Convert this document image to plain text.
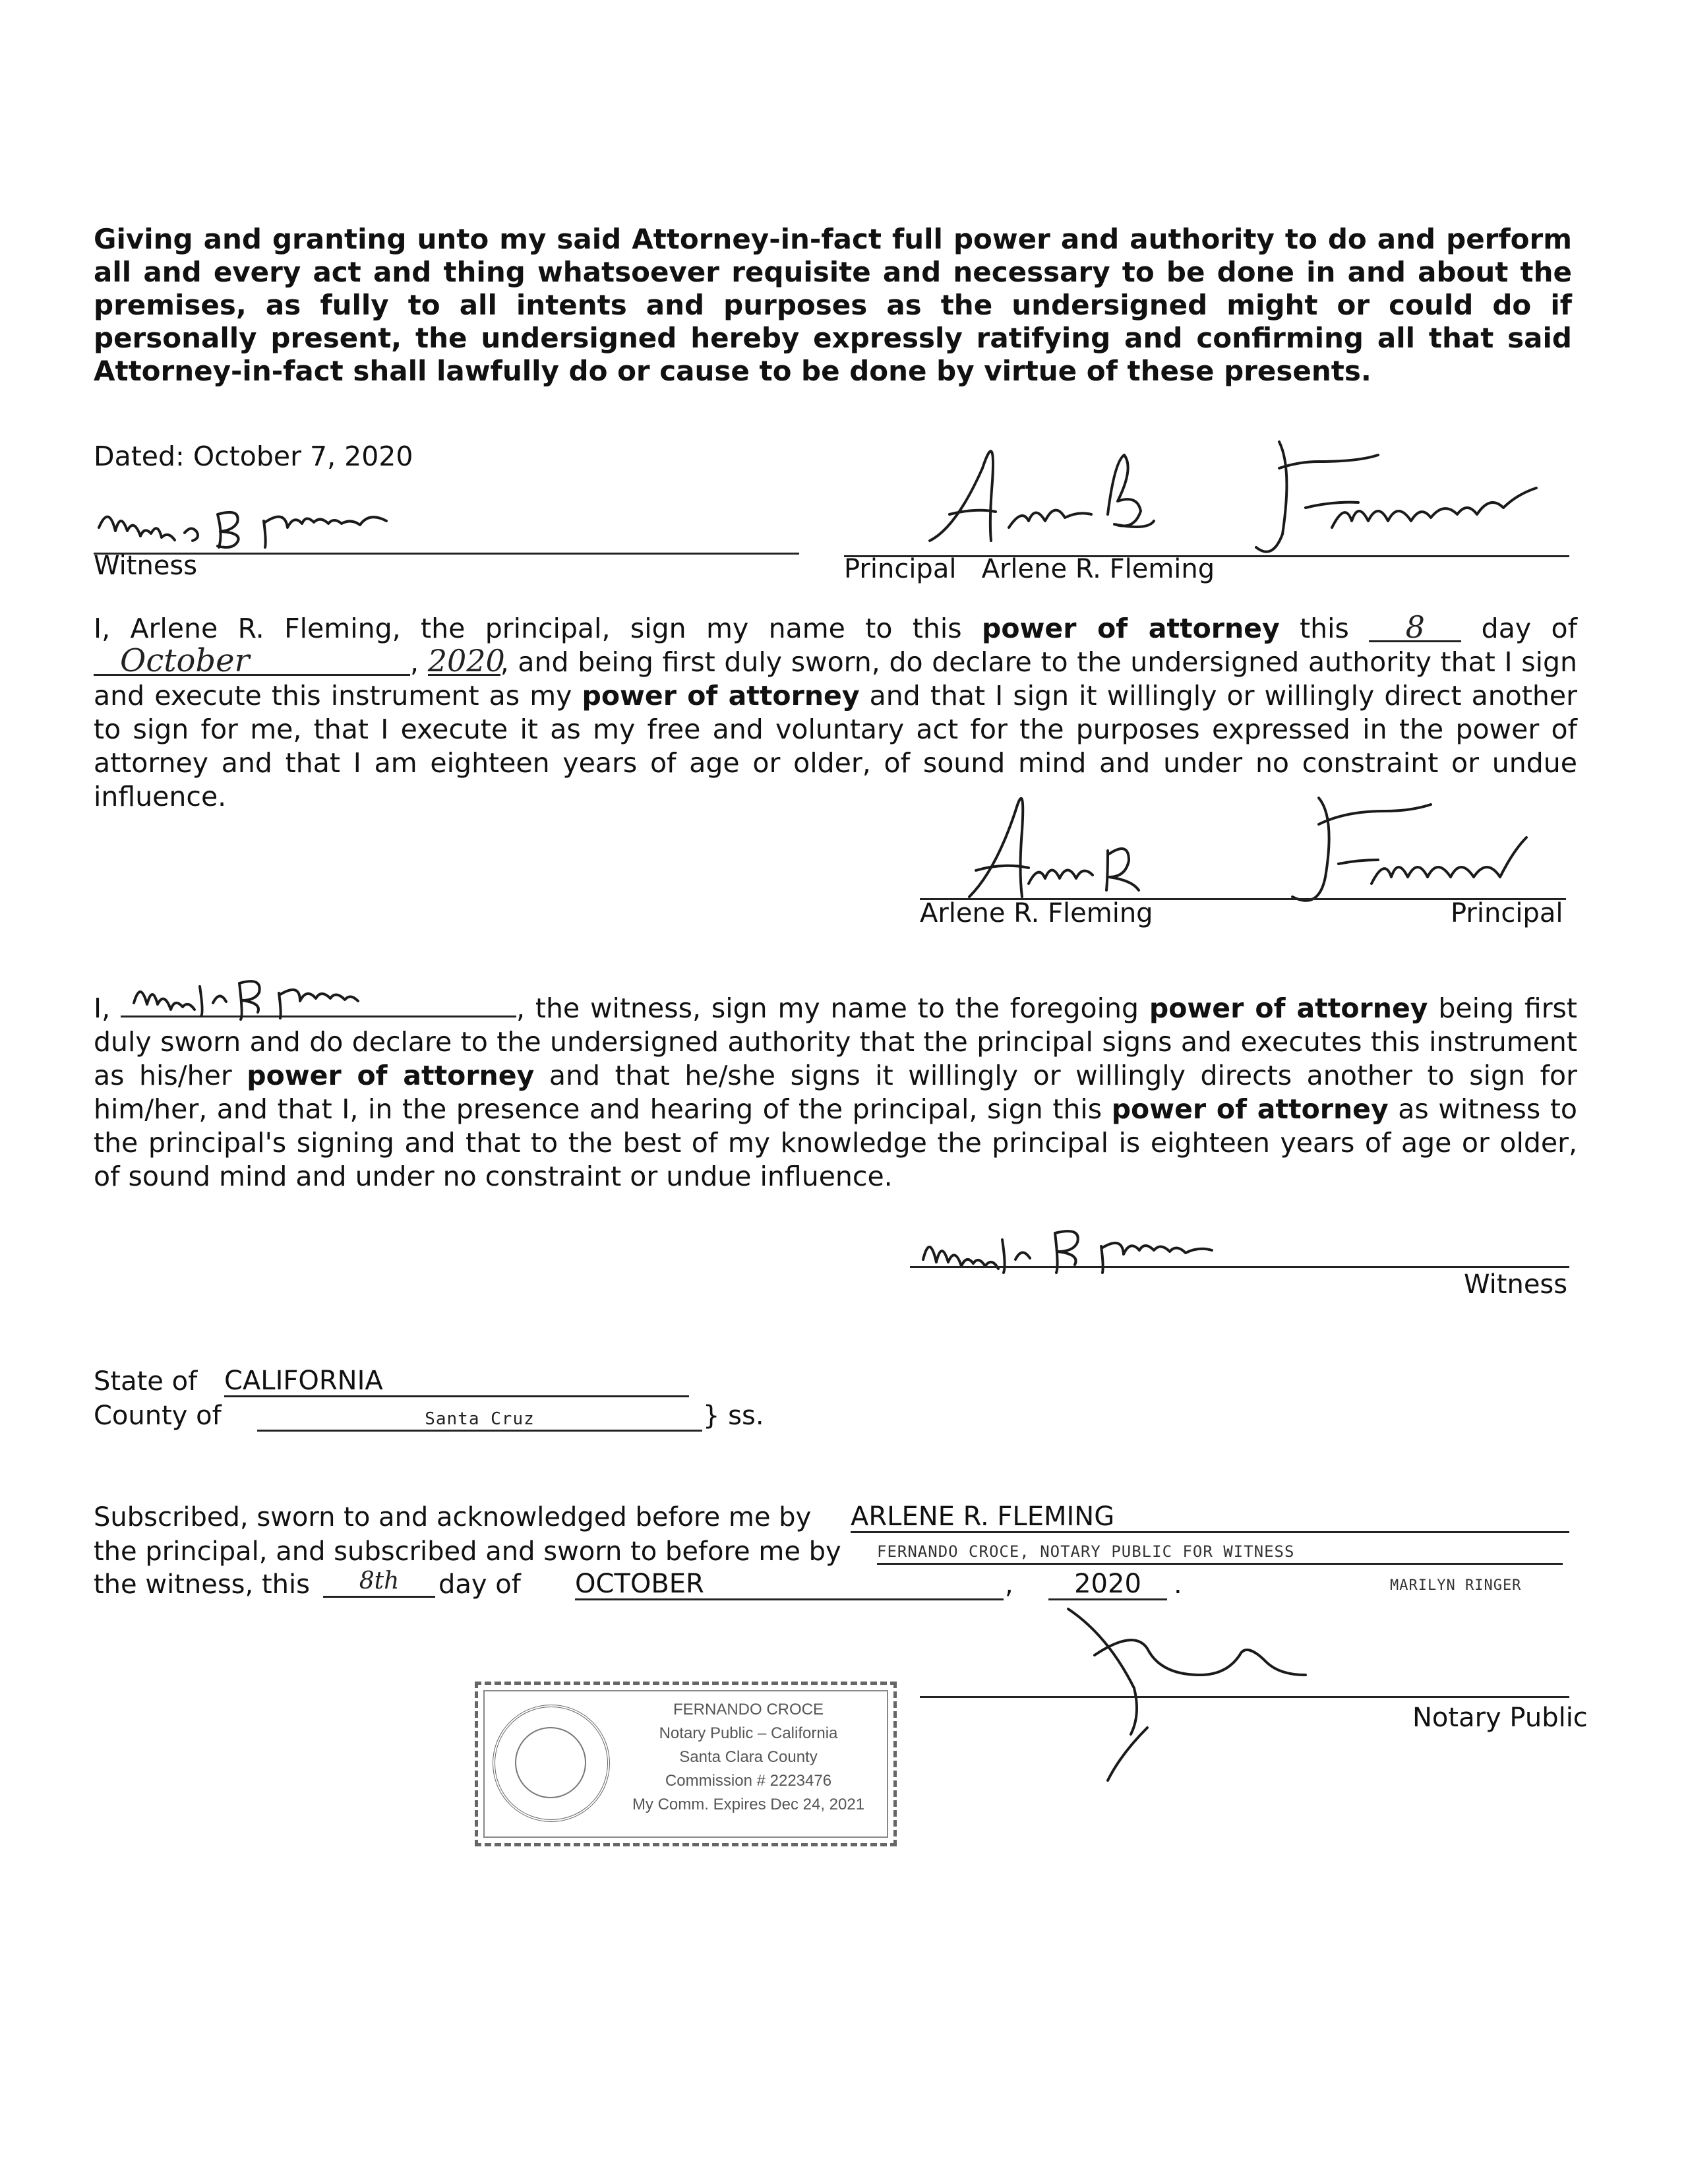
Giving and granting unto my said Attorney-in-fact full power and authority to do and perform all and every act and thing whatsoever requisite and necessary to be done in and about the premises, as fully to all intents and purposes as the undersigned might or could do if personally present, the undersigned hereby expressly ratifying and confirming all that said Attorney-in-fact shall lawfully do or cause to be done by virtue of these presents.
Dated: October 7, 2020
Witness	Principal Arlene R. Fleming
I, Arlene R. Fleming, the principal, sign my name to this power of attorney this 8 day of October	, 2020, and being first duly sworn, do declare to the undersigned authority that I sign and execute this instrument as my power of attorney and that I sign it willingly or willingly direct another to sign for me, that I execute it as my free and voluntary act for the purposes expressed in the power of attorney and that I am eighteen years of age or older, of sound mind and under no constraint or undue influence.
Arlene R. Fleming	Principal
I,	, the witness, sign my name to the foregoing power of attorney being first duly sworn and do declare to the undersigned authority that the principal signs and executes this instrument as his/her power of attorney and that he/she signs it willingly or willingly directs another to sign for him/her, and that I, in the presence and hearing of the principal, sign this power of attorney as witness to the principal's signing and that to the best of my knowledge the principal is eighteen years of age or older, of sound mind and under no constraint or undue influence.
Witness
State of CALIFORNIA
County of	Santa Cruz	} ss.
Subscribed, sworn to and acknowledged before me by ARLENE R. FLEMING
the principal, and subscribed and sworn to before me by FERNANDO CROCE, NOTARY PUBLIC FOR WITNESS
MARILYN RINGER
the witness, this	8th	day of OCTOBER	,	2020	.
Notary Public
FERNANDO CROCE
Notary Public – California
Santa Clara County
Commission # 2223476
My Comm. Expires Dec 24, 2021
